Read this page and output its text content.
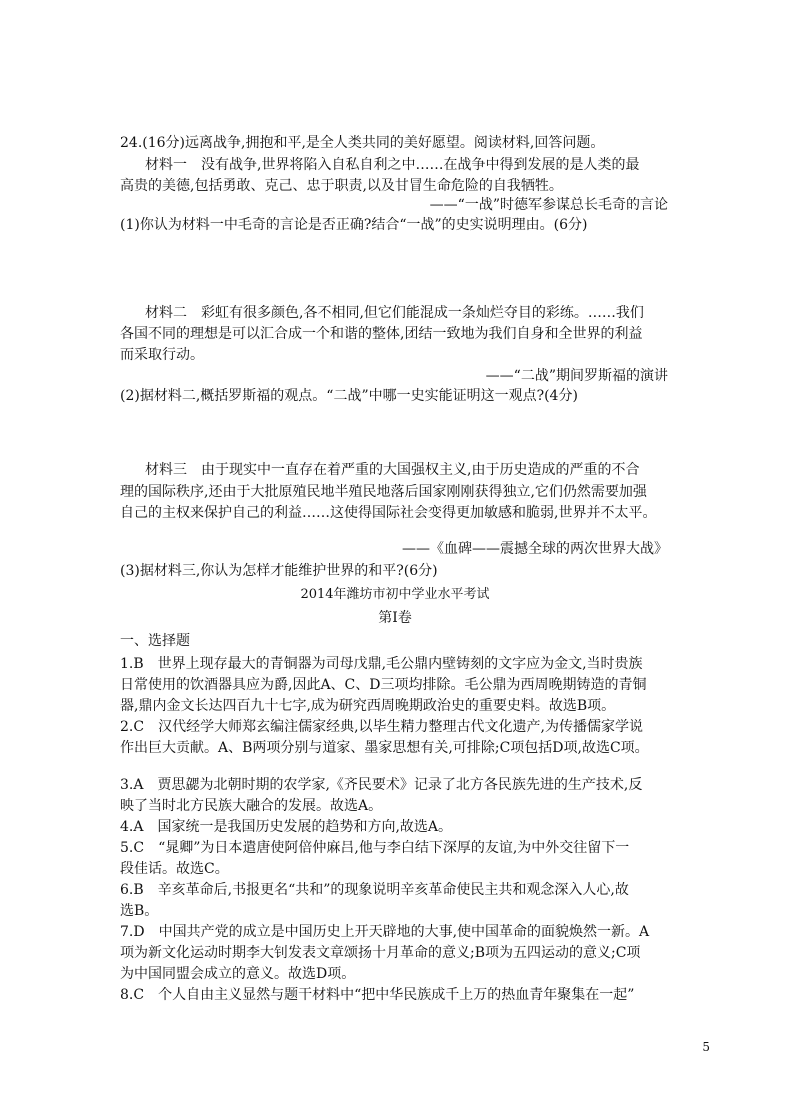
24.(16分)远离战争,拥抱和平,是全人类共同的美好愿望。阅读材料,回答问题。
材料一　没有战争,世界将陷入自私自利之中……在战争中得到发展的是人类的最
高贵的美德,包括勇敢、克己、忠于职责,以及甘冒生命危险的自我牺牲。
——“一战”时德军参谋总长毛奇的言论
(1)你认为材料一中毛奇的言论是否正确?结合“一战”的史实说明理由。(6分)
材料二　彩虹有很多颜色,各不相同,但它们能混成一条灿烂夺目的彩练。……我们
各国不同的理想是可以汇合成一个和谐的整体,团结一致地为我们自身和全世界的利益
而采取行动。
——“二战”期间罗斯福的演讲
(2)据材料二,概括罗斯福的观点。“二战”中哪一史实能证明这一观点?(4分)
材料三　由于现实中一直存在着严重的大国强权主义,由于历史造成的严重的不合
理的国际秩序,还由于大批原殖民地半殖民地落后国家刚刚获得独立,它们仍然需要加强
自己的主权来保护自己的利益……这使得国际社会变得更加敏感和脆弱,世界并不太平。
——《血碑——震撼全球的两次世界大战》
(3)据材料三,你认为怎样才能维护世界的和平?(6分)
2014年潍坊市初中学业水平考试
第Ⅰ卷
一、选择题
1.B　世界上现存最大的青铜器为司母戊鼎,毛公鼎内壁铸刻的文字应为金文,当时贵族
日常使用的饮酒器具应为爵,因此A、C、D三项均排除。毛公鼎为西周晚期铸造的青铜
器,鼎内金文长达四百九十七字,成为研究西周晚期政治史的重要史料。故选B项。
2.C　汉代经学大师郑玄编注儒家经典,以毕生精力整理古代文化遗产,为传播儒家学说
作出巨大贡献。A、B两项分别与道家、墨家思想有关,可排除;C项包括D项,故选C项。
3.A　贾思勰为北朝时期的农学家,《齐民要术》记录了北方各民族先进的生产技术,反
映了当时北方民族大融合的发展。故选A。
4.A　国家统一是我国历史发展的趋势和方向,故选A。
5.C　“晁卿”为日本遣唐使阿倍仲麻吕,他与李白结下深厚的友谊,为中外交往留下一
段佳话。故选C。
6.B　辛亥革命后,书报更名“共和”的现象说明辛亥革命使民主共和观念深入人心,故
选B。
7.D　中国共产党的成立是中国历史上开天辟地的大事,使中国革命的面貌焕然一新。A
项为新文化运动时期李大钊发表文章颂扬十月革命的意义;B项为五四运动的意义;C项
为中国同盟会成立的意义。故选D项。
8.C　个人自由主义显然与题干材料中“把中华民族成千上万的热血青年聚集在一起”
5
